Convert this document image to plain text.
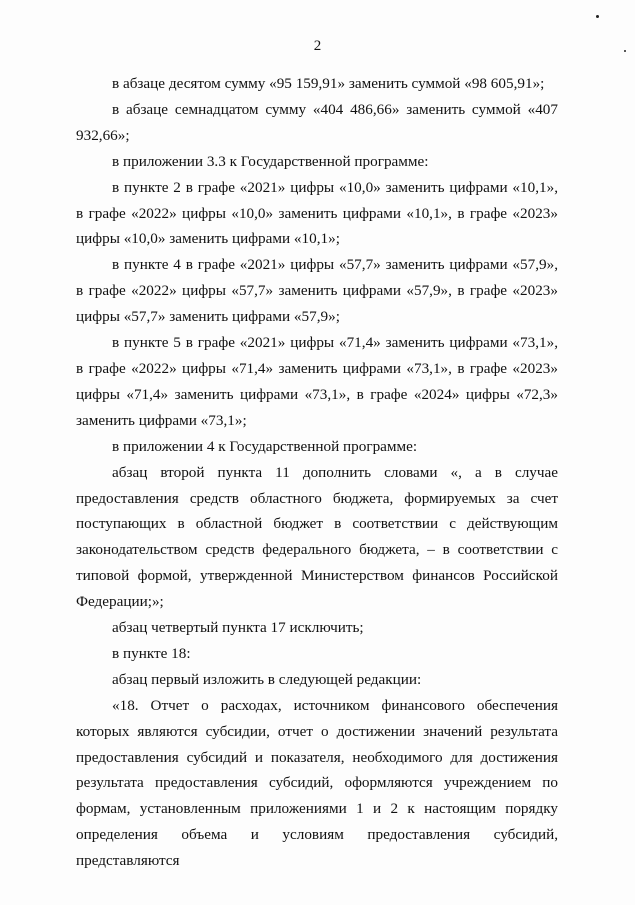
2

в абзаце десятом сумму «95 159,91» заменить суммой «98 605,91»;

в абзаце семнадцатом сумму «404 486,66» заменить суммой «407 932,66»;

в приложении 3.3 к Государственной программе:

в пункте 2 в графе «2021» цифры «10,0» заменить цифрами «10,1», в графе «2022» цифры «10,0» заменить цифрами «10,1», в графе «2023» цифры «10,0» заменить цифрами «10,1»;

в пункте 4 в графе «2021» цифры «57,7» заменить цифрами «57,9», в графе «2022» цифры «57,7» заменить цифрами «57,9», в графе «2023» цифры «57,7» заменить цифрами «57,9»;

в пункте 5 в графе «2021» цифры «71,4» заменить цифрами «73,1», в графе «2022» цифры «71,4» заменить цифрами «73,1», в графе «2023» цифры «71,4» заменить цифрами «73,1», в графе «2024» цифры «72,3» заменить цифрами «73,1»;

в приложении 4 к Государственной программе:

абзац второй пункта 11 дополнить словами «, а в случае предоставления средств областного бюджета, формируемых за счет поступающих в областной бюджет в соответствии с действующим законодательством средств федерального бюджета, – в соответствии с типовой формой, утвержденной Министерством финансов Российской Федерации;»;

абзац четвертый пункта 17 исключить;

в пункте 18:

абзац первый изложить в следующей редакции:

«18. Отчет о расходах, источником финансового обеспечения которых являются субсидии, отчет о достижении значений результата предоставления субсидий и показателя, необходимого для достижения результата предоставления субсидий, оформляются учреждением по формам, установленным приложениями 1 и 2 к настоящим порядку определения объема и условиям предоставления субсидий, представляются
